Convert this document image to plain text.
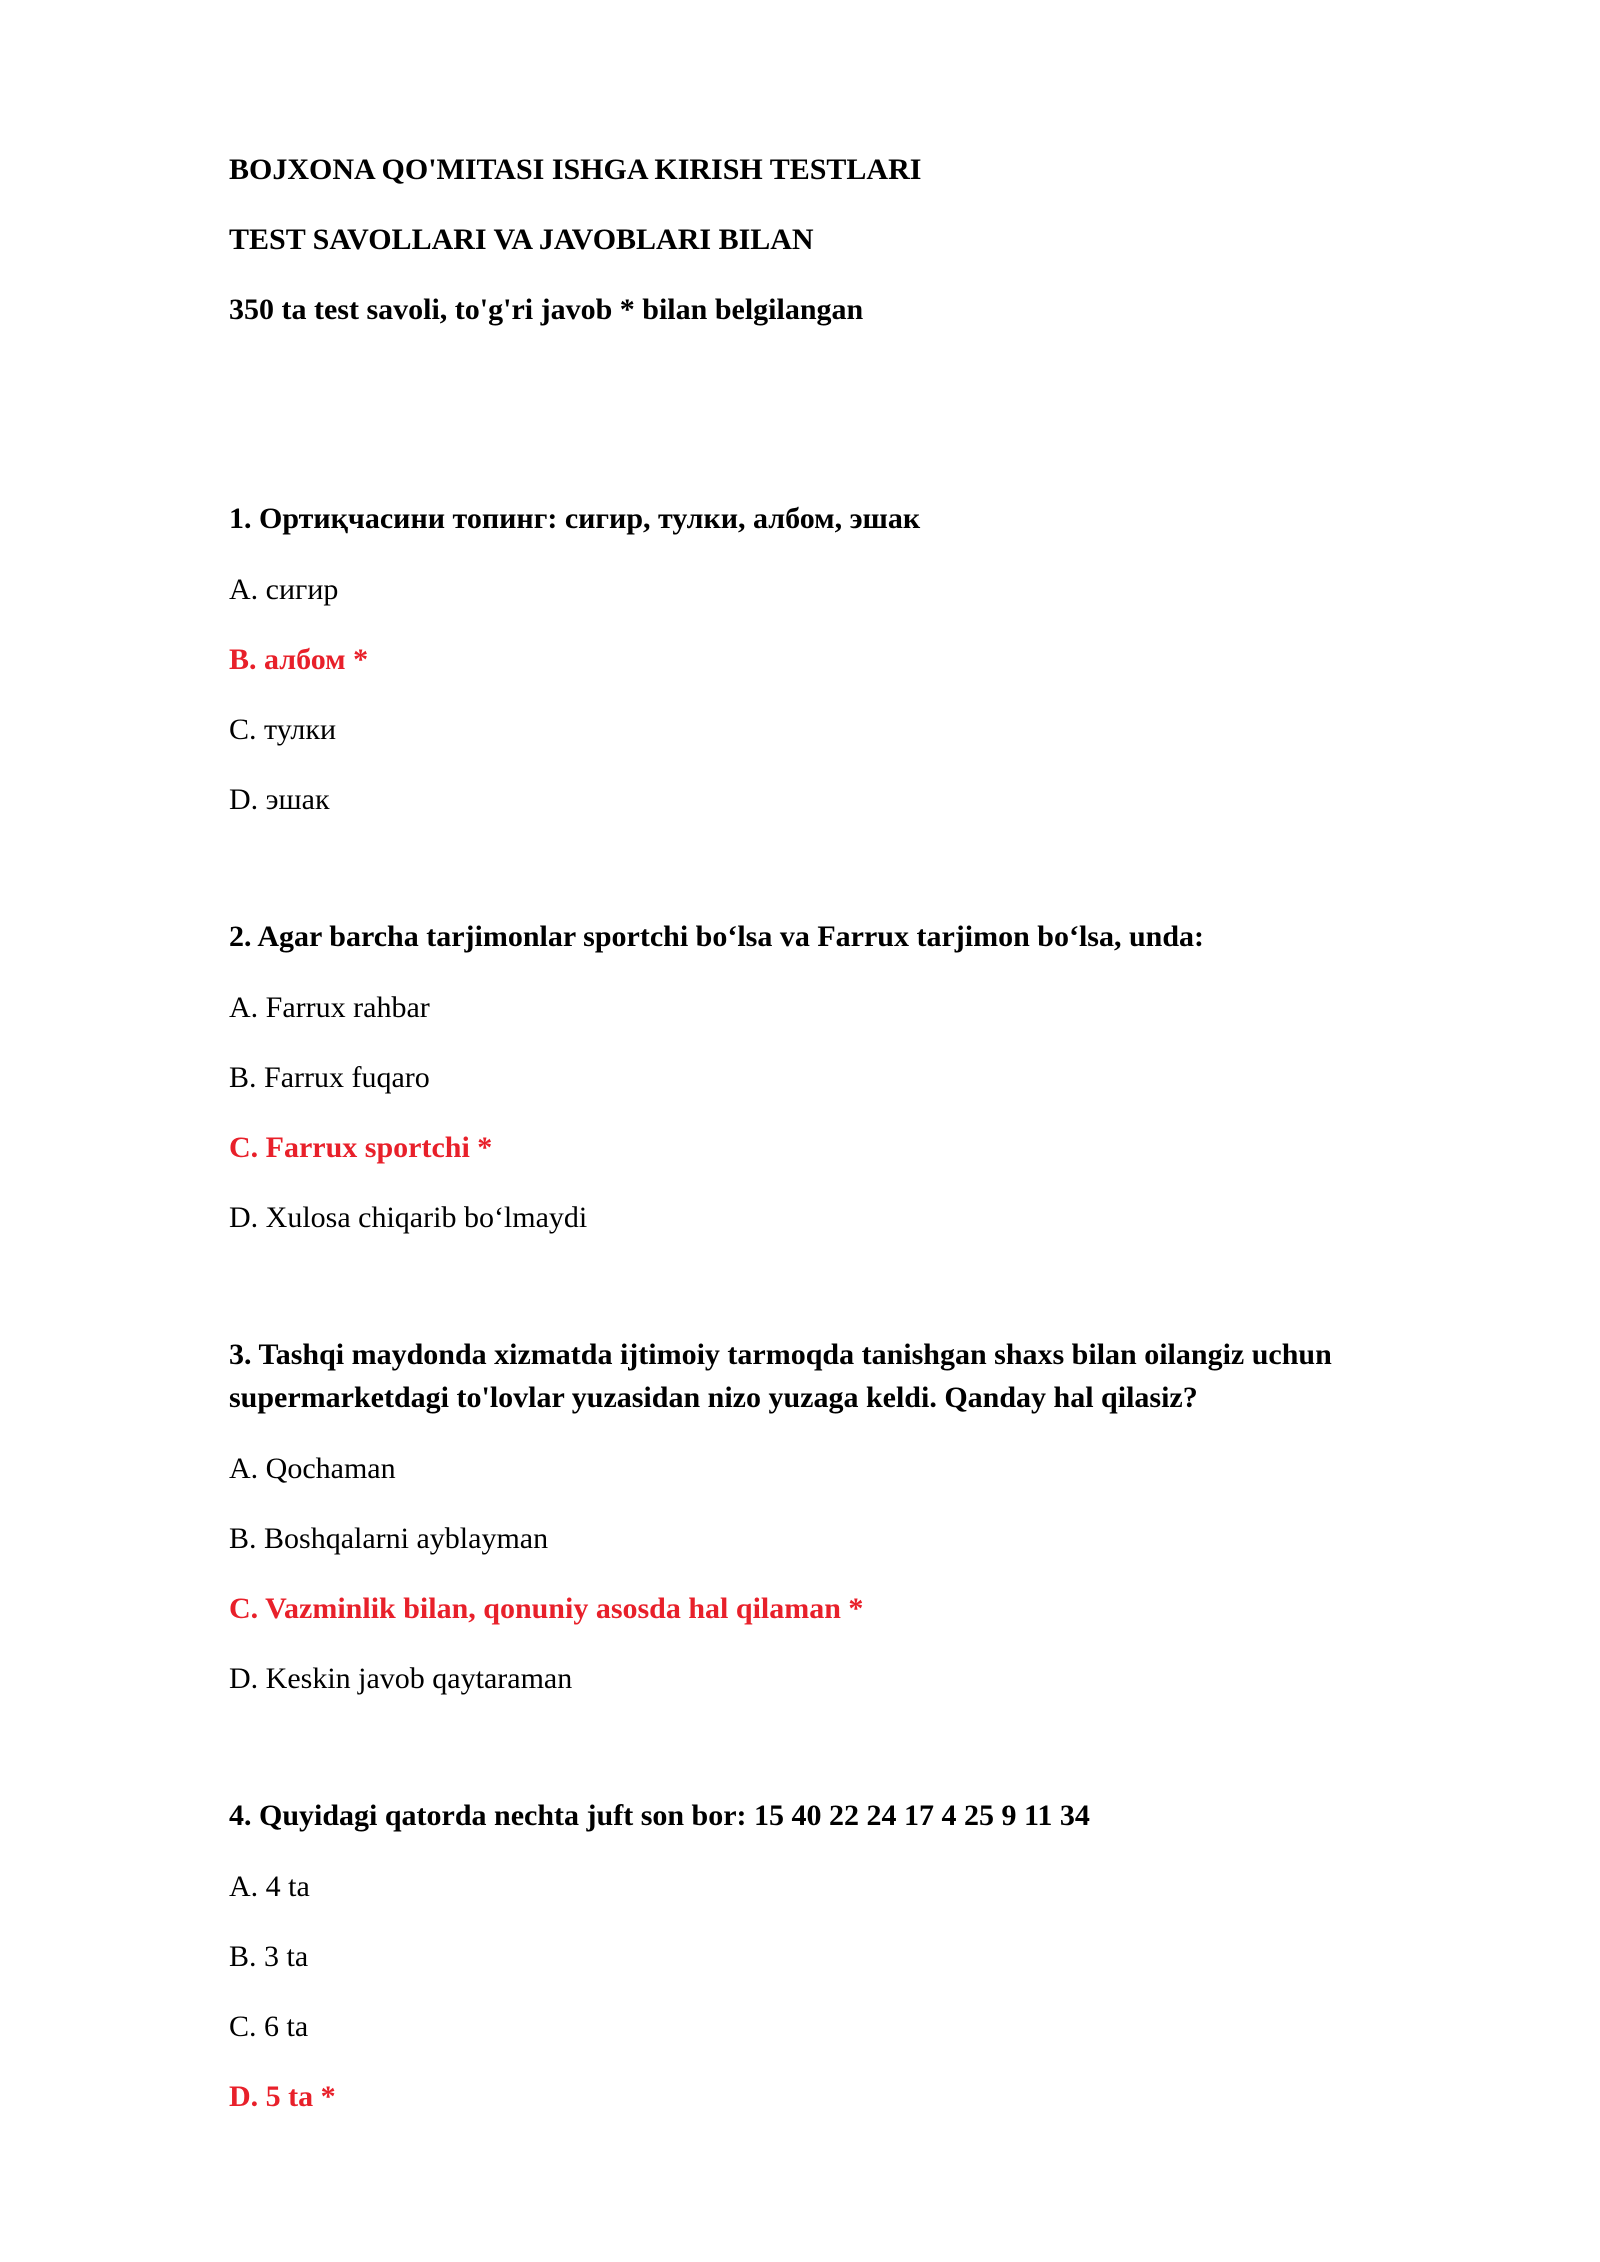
BOJXONA QO'MITASI ISHGA KIRISH TESTLARI
TEST SAVOLLARI VA JAVOBLARI BILAN
350 ta test savoli, to'g'ri javob * bilan belgilangan
1. Ортиқчасини топинг: сигир, тулки, албом, эшак
A. сигир
B. албом *
C. тулки
D. эшак
2. Agar barcha tarjimonlar sportchi bo‘lsa va Farrux tarjimon bo‘lsa, unda:
A. Farrux rahbar
B. Farrux fuqaro
C. Farrux sportchi *
D. Xulosa chiqarib bo‘lmaydi
3. Tashqi maydonda xizmatda ijtimoiy tarmoqda tanishgan shaxs bilan oilangiz uchun supermarketdagi to'lovlar yuzasidan nizo yuzaga keldi. Qanday hal qilasiz?
A. Qochaman
B. Boshqalarni ayblayman
C. Vazminlik bilan, qonuniy asosda hal qilaman *
D. Keskin javob qaytaraman
4. Quyidagi qatorda nechta juft son bor: 15 40 22 24 17 4 25 9 11 34
A. 4 ta
B. 3 ta
C. 6 ta
D. 5 ta *
